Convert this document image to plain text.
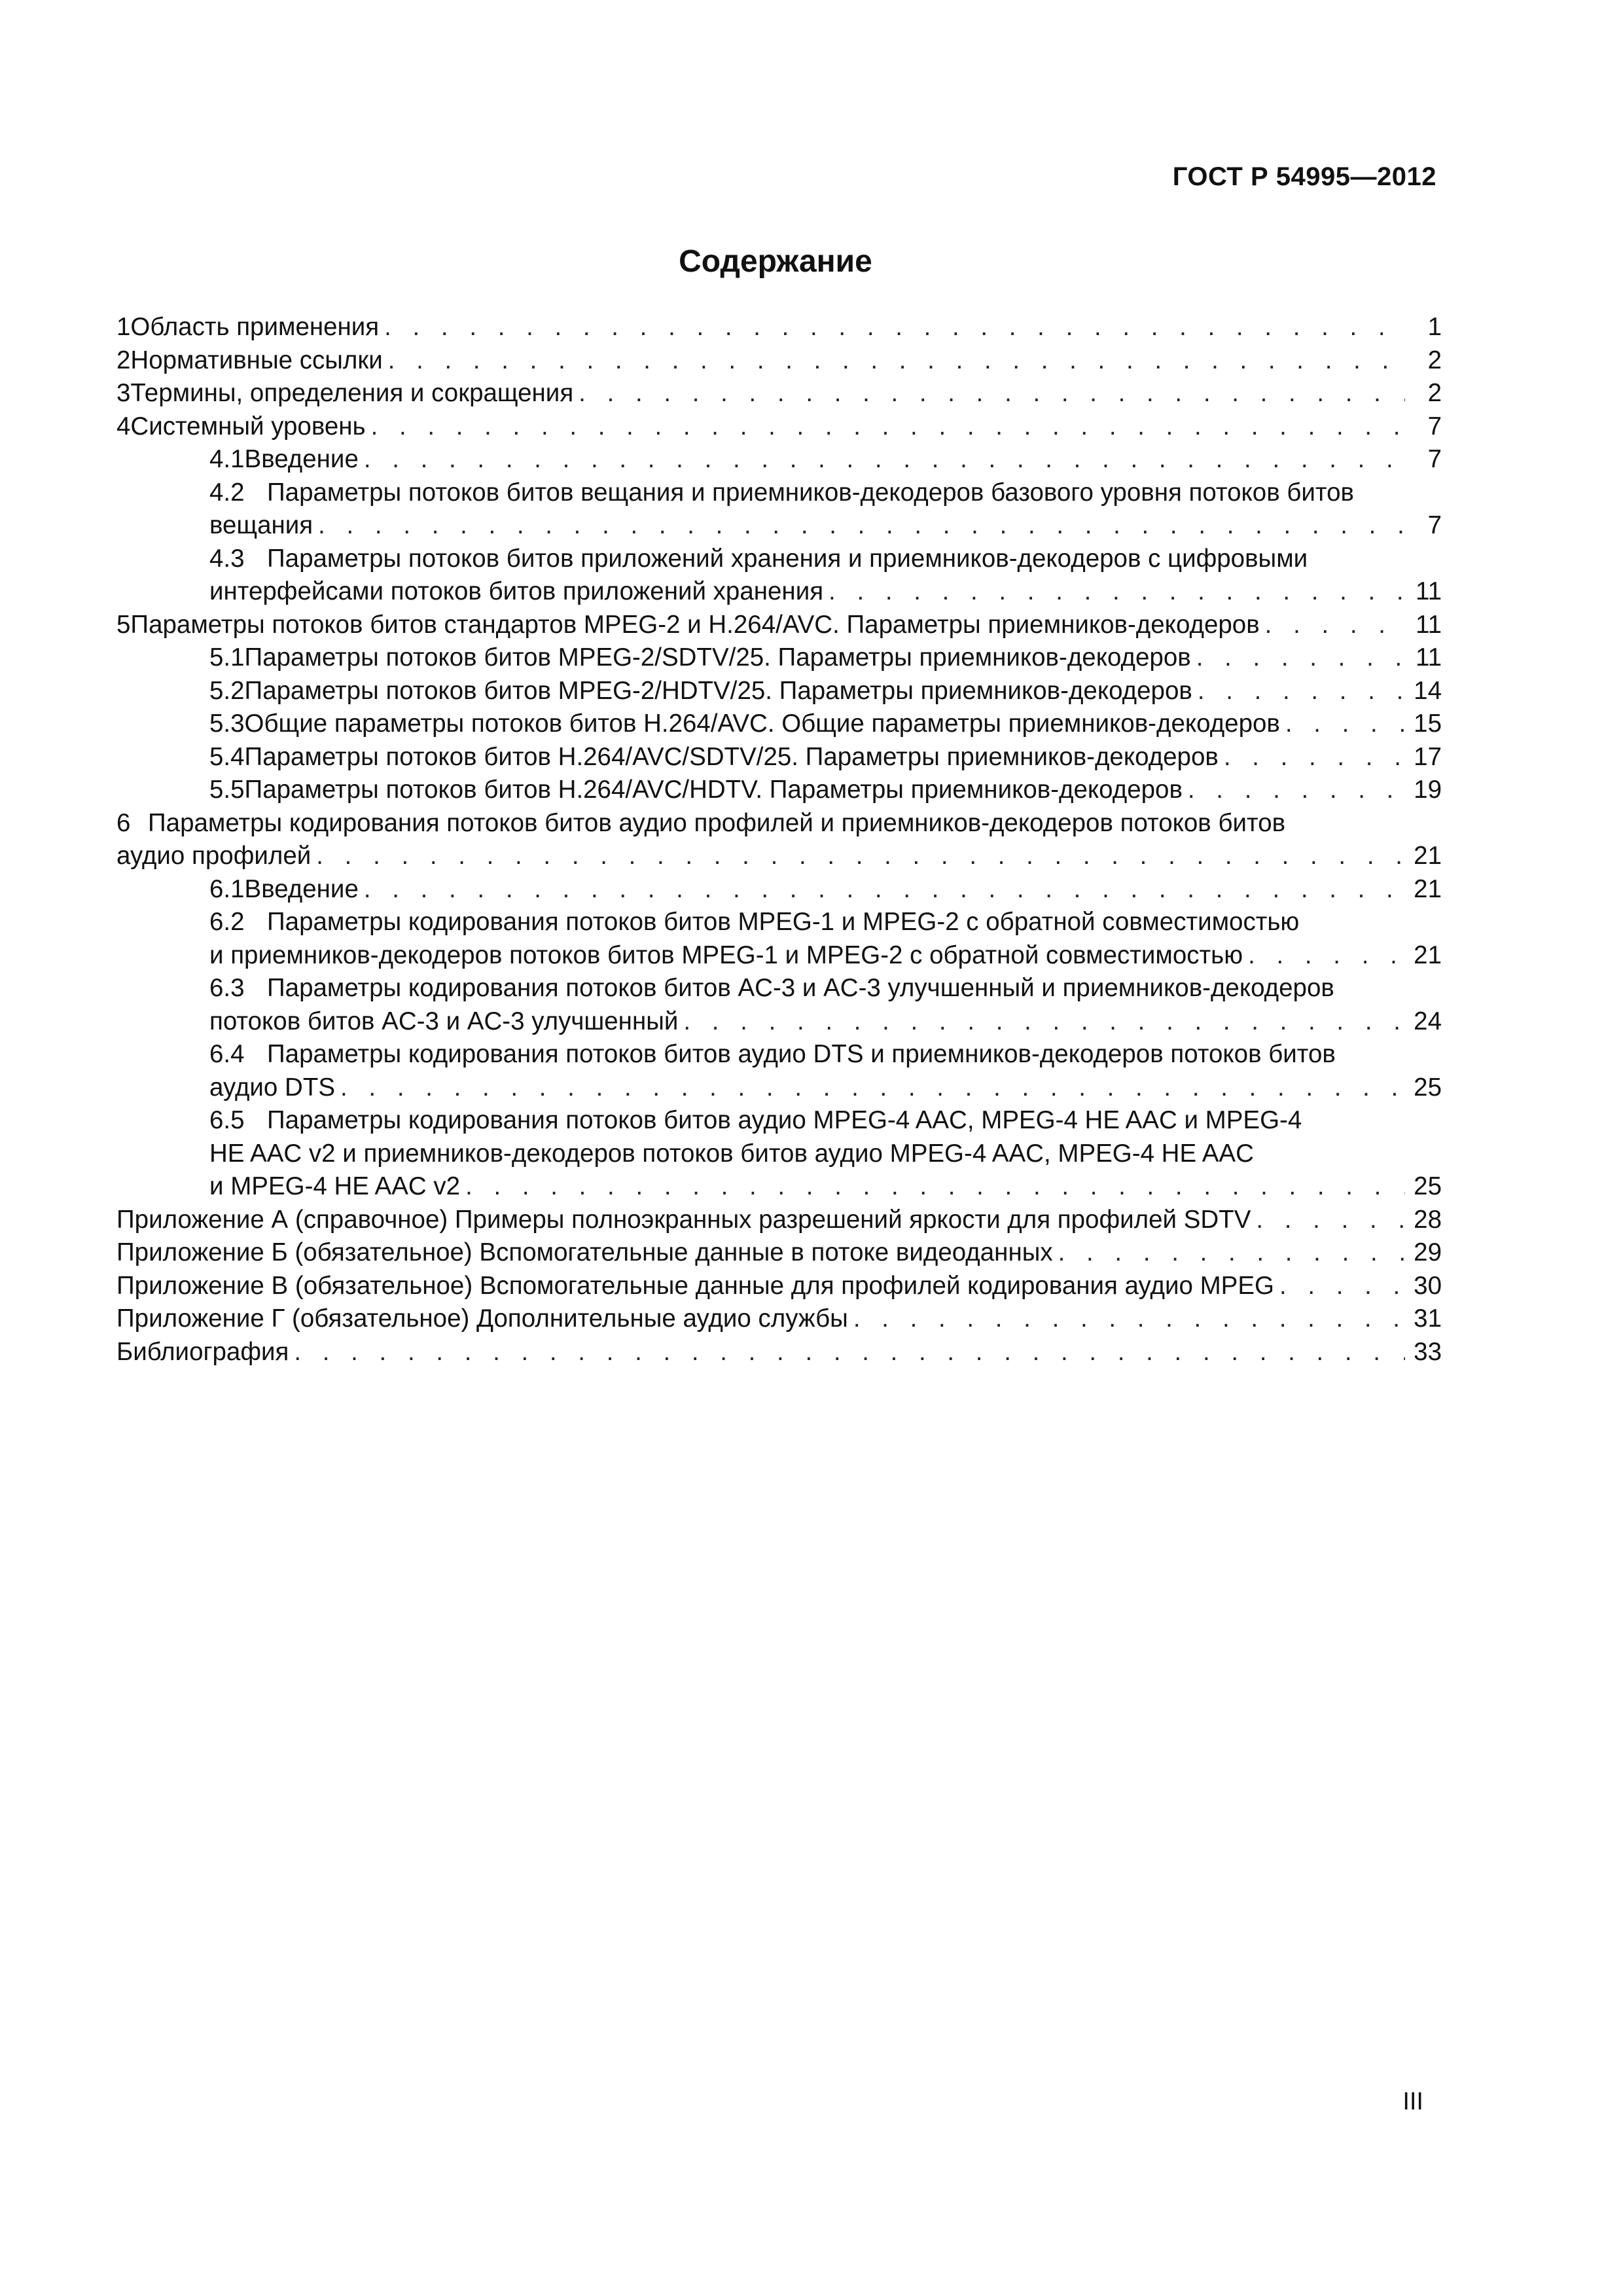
ГОСТ Р 54995—2012
Содержание
1 Область применения . . .	1
2 Нормативные ссылки . . .	2
3 Термины, определения и сокращения . . .	2
4 Системный уровень . . .	7
4.1 Введение . . .	7
4.2 Параметры потоков битов вещания и приемников-декодеров базового уровня потоков битов
вещания . . .	7
4.3 Параметры потоков битов приложений хранения и приемников-декодеров с цифровыми
интерфейсами потоков битов приложений хранения . . .	11
5 Параметры потоков битов стандартов MPEG-2 и H.264/AVC. Параметры приемников-декодеров . . .	11
5.1 Параметры потоков битов MPEG-2/SDTV/25. Параметры приемников-декодеров . . .	11
5.2 Параметры потоков битов MPEG-2/HDTV/25. Параметры приемников-декодеров . . .	14
5.3 Общие параметры потоков битов H.264/AVC. Общие параметры приемников-декодеров . . .	15
5.4 Параметры потоков битов H.264/AVC/SDTV/25. Параметры приемников-декодеров . . .	17
5.5 Параметры потоков битов H.264/AVC/HDTV. Параметры приемников-декодеров . . .	19
6 Параметры кодирования потоков битов аудио профилей и приемников-декодеров потоков битов
аудио профилей . . .	21
6.1 Введение . . .	21
6.2 Параметры кодирования потоков битов MPEG-1 и MPEG-2 с обратной совместимостью
и приемников-декодеров потоков битов MPEG-1 и MPEG-2 с обратной совместимостью . . .	21
6.3 Параметры кодирования потоков битов AC-3 и AC-3 улучшенный и приемников-декодеров
потоков битов AC-3 и AC-3 улучшенный . . .	24
6.4 Параметры кодирования потоков битов аудио DTS и приемников-декодеров потоков битов
аудио DTS . . .	25
6.5 Параметры кодирования потоков битов аудио MPEG-4 AAC, MPEG-4 HE AAC и MPEG-4
HE AAC v2 и приемников-декодеров потоков битов аудио MPEG-4 AAC, MPEG-4 HE AAC
и MPEG-4 HE AAC v2 . . .	25
Приложение А (справочное) Примеры полноэкранных разрешений яркости для профилей SDTV . . .	28
Приложение Б (обязательное) Вспомогательные данные в потоке видеоданных . . .	29
Приложение В (обязательное) Вспомогательные данные для профилей кодирования аудио MPEG . . .	30
Приложение Г (обязательное) Дополнительные аудио службы . . .	31
Библиография . . .	33
III
